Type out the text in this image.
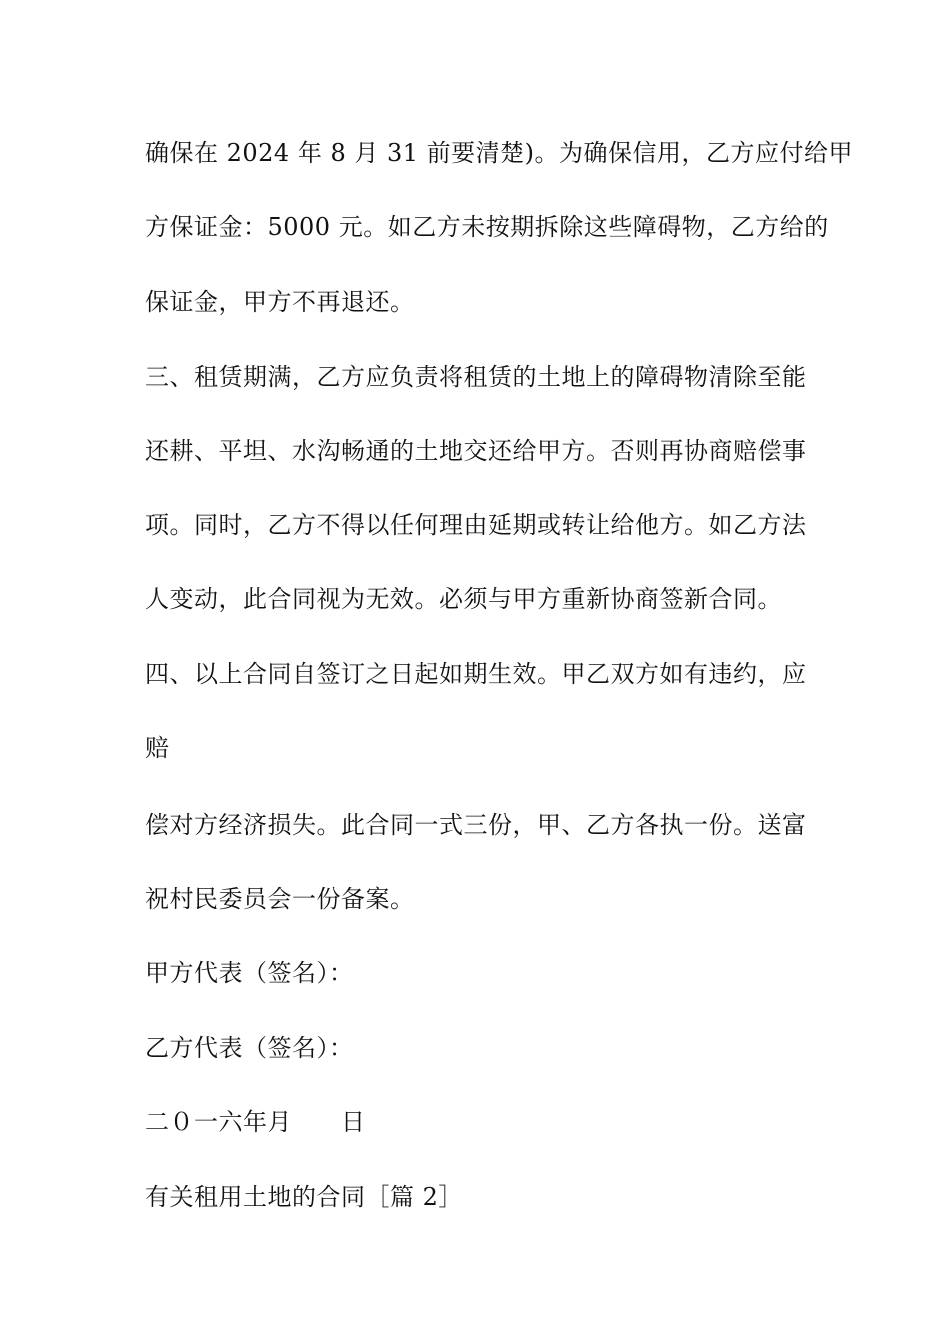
确保在 2024 年 8 月 31 前要清楚)。为确保信用，乙方应付给甲

方保证金：5000 元。如乙方未按期拆除这些障碍物，乙方给的

保证金，甲方不再退还。

三、租赁期满，乙方应负责将租赁的土地上的障碍物清除至能

还耕、平坦、水沟畅通的土地交还给甲方。否则再协商赔偿事

项。同时，乙方不得以任何理由延期或转让给他方。如乙方法

人变动，此合同视为无效。必须与甲方重新协商签新合同。

四、以上合同自签订之日起如期生效。甲乙双方如有违约，应

赔

偿对方经济损失。此合同一式三份，甲、乙方各执一份。送富

祝村民委员会一份备案。

甲方代表（签名）：

乙方代表（签名）：

二０一六年月　　日

有关租用土地的合同［篇 2］
